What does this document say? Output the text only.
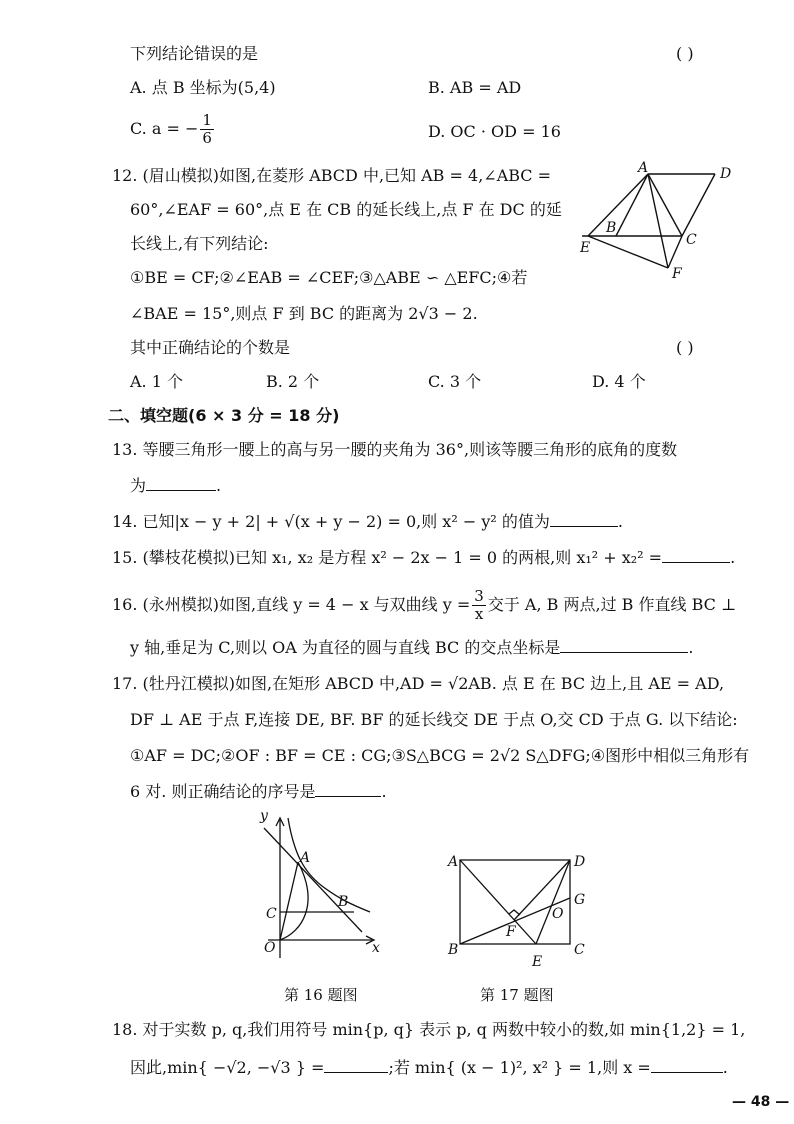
下列结论错误的是	( )
A. 点 B 坐标为(5,4)	B. AB = AD
C. a = − $\frac{1}{6}$	D. OC · OD = 16
12. (眉山模拟)如图,在菱形 ABCD 中,已知 AB = 4,∠ABC =
60°,∠EAF = 60°,点 E 在 CB 的延长线上,点 F 在 DC 的延
长线上,有下列结论:
①BE = CF;②∠EAB = ∠CEF;③△ABE ∽ △EFC;④若
∠BAE = 15°,则点 F 到 BC 的距离为 2√3 − 2.
其中正确结论的个数是	( )
A. 1 个	B. 2 个	C. 3 个	D. 4 个
A	D
B
C
E
F
二、填空题(6 × 3 分 = 18 分)
13. 等腰三角形一腰上的高与另一腰的夹角为 36°,则该等腰三角形的底角的度数
为	.
14. 已知|x − y + 2| + √(x + y − 2) = 0,则 x² − y² 的值为	.
15. (攀枝花模拟)已知 x₁, x₂ 是方程 x² − 2x − 1 = 0 的两根,则 x₁² + x₂² =	.
16. (永州模拟)如图,直线 y = 4 − x 与双曲线 $y = \frac{3}{x}$ 交于 A, B 两点,过 B 作直线 BC ⊥
y 轴,垂足为 C,则以 OA 为直径的圆与直线 BC 的交点坐标是	.
17. (牡丹江模拟)如图,在矩形 ABCD 中,AD = √2AB. 点 E 在 BC 边上,且 AE = AD,
DF ⊥ AE 于点 F,连接 DE, BF. BF 的延长线交 DE 于点 O,交 CD 于点 G. 以下结论:
①AF = DC;②OF : BF = CE : CG;③S△BCG = 2√2 S△DFG;④图形中相似三角形有
6 对. 则正确结论的序号是	.
y
x
A
B
C
O
第 16 题图
A	D
B	C
E
F
G
O
第 17 题图
18. 对于实数 p, q,我们用符号 min{p, q} 表示 p, q 两数中较小的数,如 min{1,2} = 1,
因此,min{ −√2, −√3 } =	;若 min{ (x − 1)², x² } = 1,则 x =	.
— 48 —
